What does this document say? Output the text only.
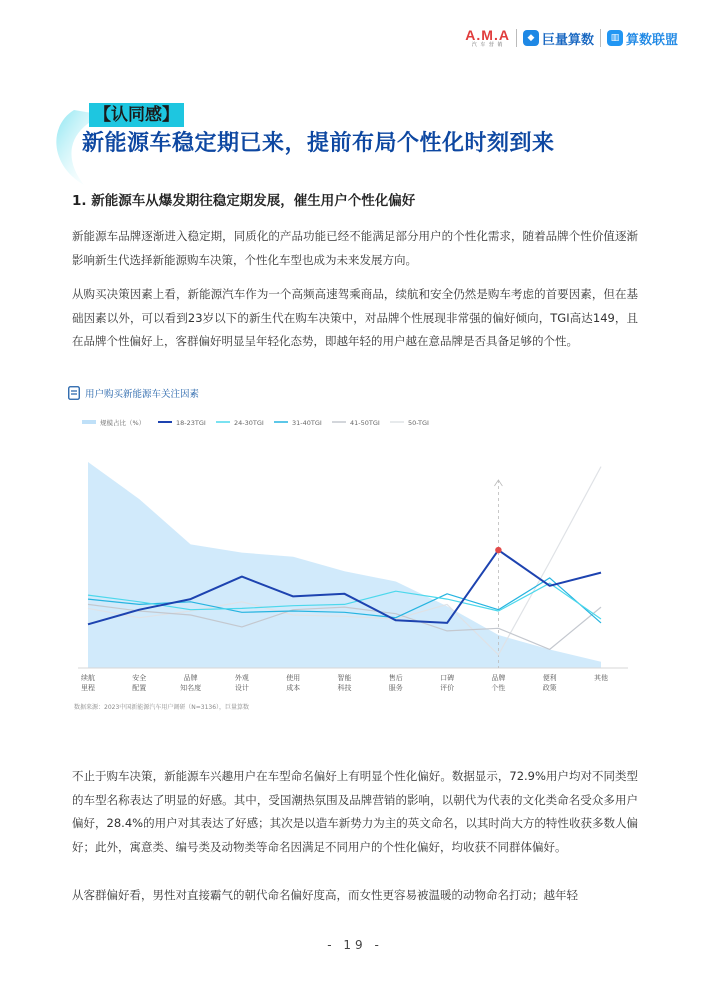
A.M.A
汽 车 营 销
◆ 巨量算数	▥ 算数联盟
【认同感】
新能源车稳定期已来，提前布局个性化时刻到来
1. 新能源车从爆发期往稳定期发展，催生用户个性化偏好

新能源车品牌逐渐进入稳定期，同质化的产品功能已经不能满足部分用户的个性化需求，随着品牌个性价值逐渐影响新生代选择新能源购车决策，个性化车型也成为未来发展方向。

从购买决策因素上看，新能源汽车作为一个高频高速驾乘商品，续航和安全仍然是购车考虑的首要因素，但在基础因素以外，可以看到23岁以下的新生代在购车决策中，对品牌个性展现非常强的偏好倾向，TGI高达149，且在品牌个性偏好上，客群偏好明显呈年轻化态势，即越年轻的用户越在意品牌是否具备足够的个性。

规模占比（%）	18-23TGI	24-30TGI	31-40TGI	41-50TGI	50-TGI
续航
里程
安全
配置
品牌
知名度
外观
设计
使用
成本
智能
科技
售后
服务
口碑
评价
品牌
个性
便利
政策
其他
用户购买新能源车关注因素
数据来源：2023中国新能源汽车用户调研（N=3136），巨量算数

不止于购车决策，新能源车兴趣用户在车型命名偏好上有明显个性化偏好。数据显示，72.9%用户均对不同类型的车型名称表达了明显的好感。其中，受国潮热氛围及品牌营销的影响，以朝代为代表的文化类命名受众多用户偏好，28.4%的用户对其表达了好感；其次是以造车新势力为主的英文命名，以其时尚大方的特性收获多数人偏好；此外，寓意类、编号类及动物类等命名因满足不同用户的个性化偏好，均收获不同群体偏好。

从客群偏好看，男性对直接霸气的朝代命名偏好度高，而女性更容易被温暖的动物命名打动；越年轻

- 19 -
